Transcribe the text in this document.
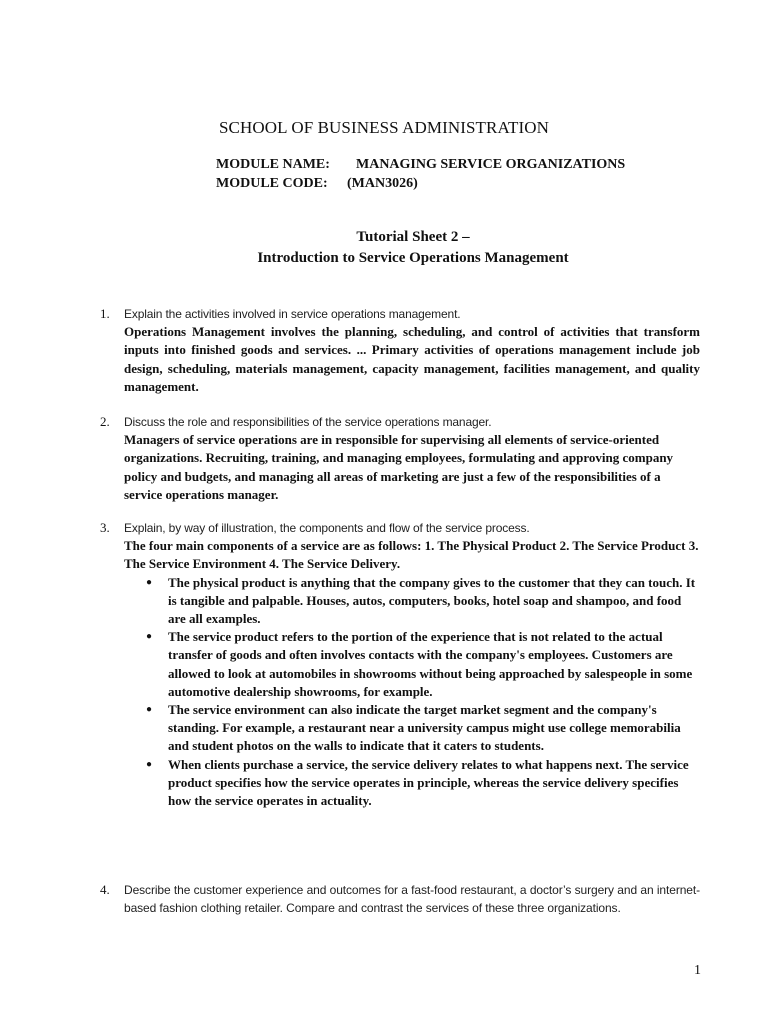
SCHOOL OF BUSINESS ADMINISTRATION
MODULE NAME: MANAGING SERVICE ORGANIZATIONS
MODULE CODE: (MAN3026)
Tutorial Sheet 2 –
Introduction to Service Operations Management
1. Explain the activities involved in service operations management.
Operations Management involves the planning, scheduling, and control of activities that transform inputs into finished goods and services. ... Primary activities of operations management include job design, scheduling, materials management, capacity management, facilities management, and quality management.
2. Discuss the role and responsibilities of the service operations manager.
Managers of service operations are in responsible for supervising all elements of service-oriented organizations. Recruiting, training, and managing employees, formulating and approving company policy and budgets, and managing all areas of marketing are just a few of the responsibilities of a service operations manager.
3. Explain, by way of illustration, the components and flow of the service process.
The four main components of a service are as follows: 1. The Physical Product 2. The Service Product 3. The Service Environment 4. The Service Delivery.
● The physical product is anything that the company gives to the customer that they can touch. It is tangible and palpable. Houses, autos, computers, books, hotel soap and shampoo, and food are all examples.
● The service product refers to the portion of the experience that is not related to the actual transfer of goods and often involves contacts with the company's employees. Customers are allowed to look at automobiles in showrooms without being approached by salespeople in some automotive dealership showrooms, for example.
● The service environment can also indicate the target market segment and the company's standing. For example, a restaurant near a university campus might use college memorabilia and student photos on the walls to indicate that it caters to students.
● When clients purchase a service, the service delivery relates to what happens next. The service product specifies how the service operates in principle, whereas the service delivery specifies how the service operates in actuality.
4. Describe the customer experience and outcomes for a fast-food restaurant, a doctor’s surgery and an internet-based fashion clothing retailer. Compare and contrast the services of these three organizations.
1
